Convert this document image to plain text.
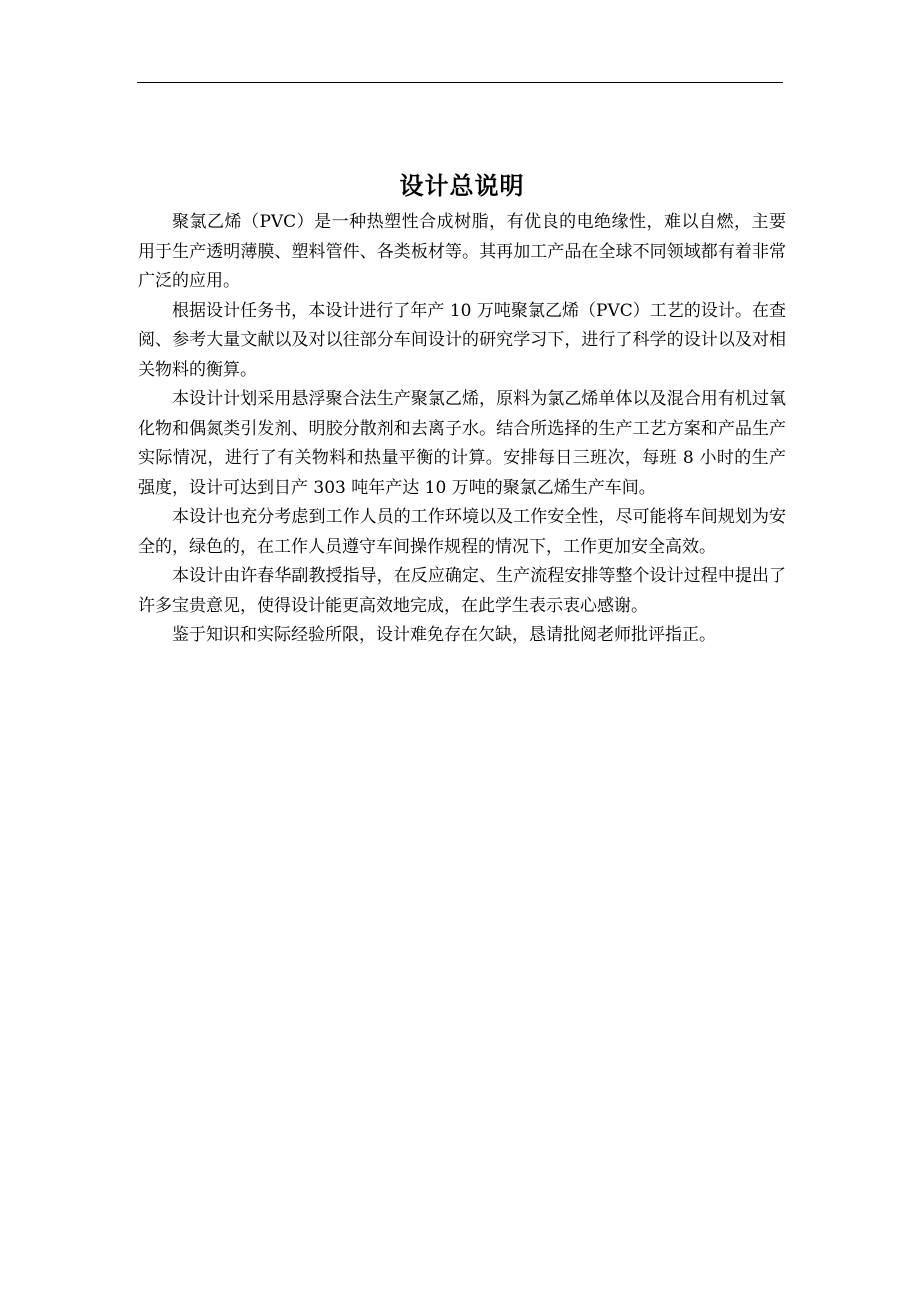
设计总说明

聚氯乙烯（PVC）是一种热塑性合成树脂，有优良的电绝缘性，难以自燃，主要用于生产透明薄膜、塑料管件、各类板材等。其再加工产品在全球不同领域都有着非常广泛的应用。

根据设计任务书，本设计进行了年产 10 万吨聚氯乙烯（PVC）工艺的设计。在查阅、参考大量文献以及对以往部分车间设计的研究学习下，进行了科学的设计以及对相关物料的衡算。

本设计计划采用悬浮聚合法生产聚氯乙烯，原料为氯乙烯单体以及混合用有机过氧化物和偶氮类引发剂、明胶分散剂和去离子水。结合所选择的生产工艺方案和产品生产实际情况，进行了有关物料和热量平衡的计算。安排每日三班次，每班 8 小时的生产强度，设计可达到日产 303 吨年产达 10 万吨的聚氯乙烯生产车间。

本设计也充分考虑到工作人员的工作环境以及工作安全性，尽可能将车间规划为安全的，绿色的，在工作人员遵守车间操作规程的情况下，工作更加安全高效。

本设计由许春华副教授指导，在反应确定、生产流程安排等整个设计过程中提出了许多宝贵意见，使得设计能更高效地完成，在此学生表示衷心感谢。

鉴于知识和实际经验所限，设计难免存在欠缺，恳请批阅老师批评指正。
